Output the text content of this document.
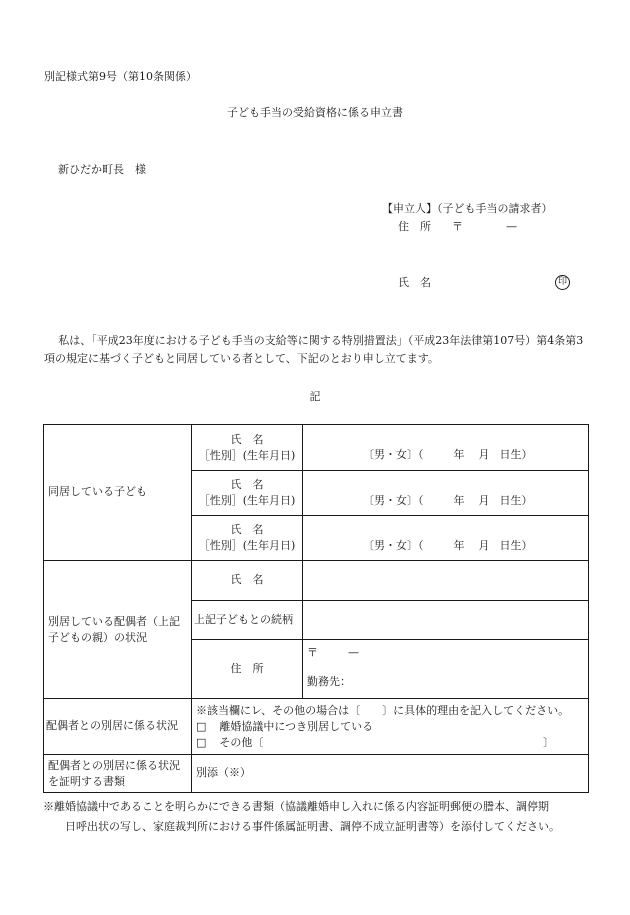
別記様式第9号（第10条関係）
子ども手当の受給資格に係る申立書
新ひだか町長　様
【申立人】（子ども手当の請求者）
住　所 〒	—
氏　名	印

私は、「平成23年度における子ども手当の支給等に関する特別措置法」（平成23年法律第107号）第4条第3項の規定に基づく子どもと同居している者として、下記のとおり申し立てます。

記
同居している子ども	氏　名
［性別］(生年月日)	〔男・女〕（ 年 月 日生）

	氏　名
［性別］(生年月日)	〔男・女〕（ 年 月 日生）

	氏　名
［性別］(生年月日)	〔男・女〕（ 年 月 日生）
別居している配偶者（上記子どもの親）の状況	氏　名	
	上記子どもとの続柄	
	住　所	〒 —
勤務先：

配偶者との別居に係る状況	※該当欄にレ、その他の場合は〔　　〕に具体的理由を記入してください。
□ 離婚協議中につき別居している
□ その他〔 〕	

配偶者との別居に係る状況を証明する書類	別添（※）	
※離婚協議中であることを明らかにできる書類（協議離婚申し入れに係る内容証明郵便の謄本、調停期
日呼出状の写し、家庭裁判所における事件係属証明書、調停不成立証明書等）を添付してください。
